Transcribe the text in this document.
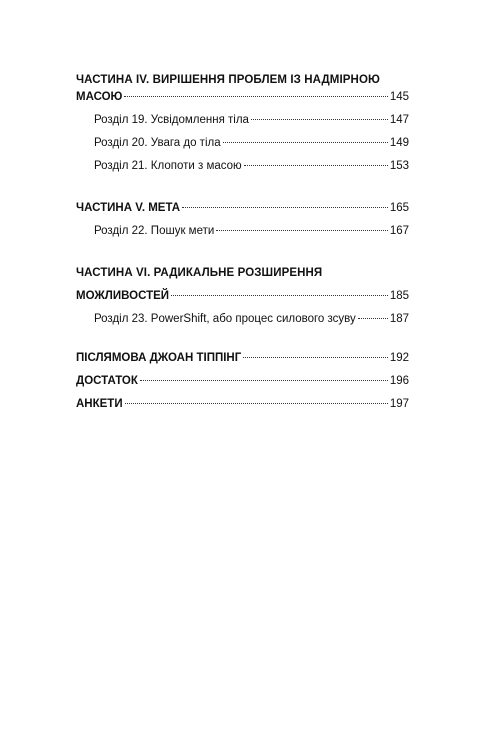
ЧАСТИНА IV. ВИРІШЕННЯ ПРОБЛЕМ ІЗ НАДМІРНОЮ
МАСОЮ	145
Розділ 19. Усвідомлення тіла	147
Розділ 20. Увага до тіла	149
Розділ 21. Клопоти з масою	153
ЧАСТИНА V. МЕТА	165
Розділ 22. Пошук мети	167
ЧАСТИНА VI. РАДИКАЛЬНЕ РОЗШИРЕННЯ
МОЖЛИВОСТЕЙ	185
Розділ 23. PowerShift, або процес силового зсуву	187
ПІСЛЯМОВА ДЖОАН ТІППІНГ	192
ДОСТАТОК	196
АНКЕТИ	197
